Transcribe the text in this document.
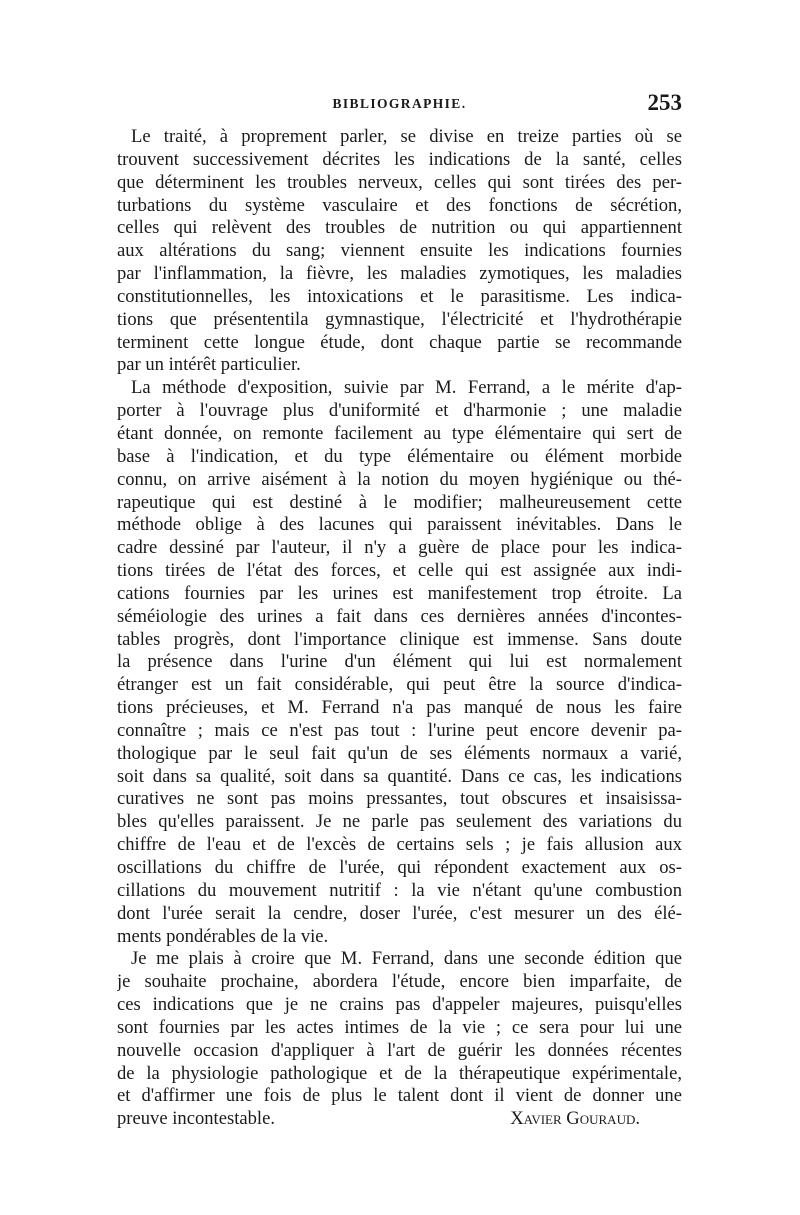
BIBLIOGRAPHIE.	253
Le traité, à proprement parler, se divise en treize parties où se
trouvent successivement décrites les indications de la santé, celles
que déterminent les troubles nerveux, celles qui sont tirées des per-
turbations du système vasculaire et des fonctions de sécrétion,
celles qui relèvent des troubles de nutrition ou qui appartiennent
aux altérations du sang; viennent ensuite les indications fournies
par l'inflammation, la fièvre, les maladies zymotiques, les maladies
constitutionnelles, les intoxications et le parasitisme. Les indica-
tions que présententila gymnastique, l'électricité et l'hydrothérapie
terminent cette longue étude, dont chaque partie se recommande
par un intérêt particulier.
La méthode d'exposition, suivie par M. Ferrand, a le mérite d'ap-
porter à l'ouvrage plus d'uniformité et d'harmonie ; une maladie
étant donnée, on remonte facilement au type élémentaire qui sert de
base à l'indication, et du type élémentaire ou élément morbide
connu, on arrive aisément à la notion du moyen hygiénique ou thé-
rapeutique qui est destiné à le modifier; malheureusement cette
méthode oblige à des lacunes qui paraissent inévitables. Dans le
cadre dessiné par l'auteur, il n'y a guère de place pour les indica-
tions tirées de l'état des forces, et celle qui est assignée aux indi-
cations fournies par les urines est manifestement trop étroite. La
séméiologie des urines a fait dans ces dernières années d'incontes-
tables progrès, dont l'importance clinique est immense. Sans doute
la présence dans l'urine d'un élément qui lui est normalement
étranger est un fait considérable, qui peut être la source d'indica-
tions précieuses, et M. Ferrand n'a pas manqué de nous les faire
connaître ; mais ce n'est pas tout : l'urine peut encore devenir pa-
thologique par le seul fait qu'un de ses éléments normaux a varié,
soit dans sa qualité, soit dans sa quantité. Dans ce cas, les indications
curatives ne sont pas moins pressantes, tout obscures et insaisissa-
bles qu'elles paraissent. Je ne parle pas seulement des variations du
chiffre de l'eau et de l'excès de certains sels ; je fais allusion aux
oscillations du chiffre de l'urée, qui répondent exactement aux os-
cillations du mouvement nutritif : la vie n'étant qu'une combustion
dont l'urée serait la cendre, doser l'urée, c'est mesurer un des élé-
ments pondérables de la vie.
Je me plais à croire que M. Ferrand, dans une seconde édition que
je souhaite prochaine, abordera l'étude, encore bien imparfaite, de
ces indications que je ne crains pas d'appeler majeures, puisqu'elles
sont fournies par les actes intimes de la vie ; ce sera pour lui une
nouvelle occasion d'appliquer à l'art de guérir les données récentes
de la physiologie pathologique et de la thérapeutique expérimentale,
et d'affirmer une fois de plus le talent dont il vient de donner une
preuve incontestable.	Xavier Gouraud.
